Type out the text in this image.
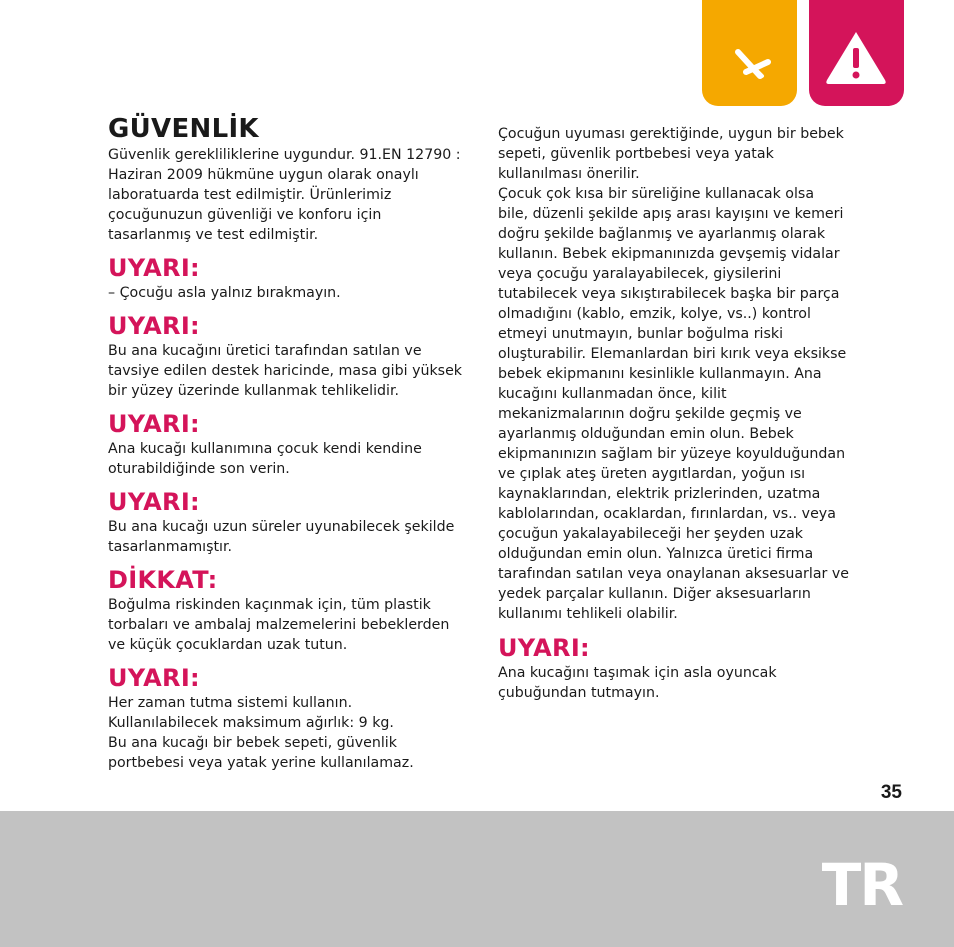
GÜVENLİK

Güvenlik gerekliliklerine uygundur. 91.EN 12790 :
Haziran 2009 hükmüne uygun olarak onaylı
laboratuarda test edilmiştir. Ürünlerimiz
çocuğunuzun güvenliği ve konforu için
tasarlanmış ve test edilmiştir.

UYARI:

– Çocuğu asla yalnız bırakmayın.

UYARI:

Bu ana kucağını üretici tarafından satılan ve
tavsiye edilen destek haricinde, masa gibi yüksek
bir yüzey üzerinde kullanmak tehlikelidir.

UYARI:

Ana kucağı kullanımına çocuk kendi kendine
oturabildiğinde son verin.

UYARI:

Bu ana kucağı uzun süreler uyunabilecek şekilde
tasarlanmamıştır.

DİKKAT:

Boğulma riskinden kaçınmak için, tüm plastik
torbaları ve ambalaj malzemelerini bebeklerden
ve küçük çocuklardan uzak tutun.

UYARI:

Her zaman tutma sistemi kullanın.
Kullanılabilecek maksimum ağırlık: 9 kg.
Bu ana kucağı bir bebek sepeti, güvenlik
portbebesi veya yatak yerine kullanılamaz.

Çocuğun uyuması gerektiğinde, uygun bir bebek
sepeti, güvenlik portbebesi veya yatak
kullanılması önerilir.

Çocuk çok kısa bir süreliğine kullanacak olsa
bile, düzenli şekilde apış arası kayışını ve kemeri
doğru şekilde bağlanmış ve ayarlanmış olarak
kullanın. Bebek ekipmanınızda gevşemiş vidalar
veya çocuğu yaralayabilecek, giysilerini
tutabilecek veya sıkıştırabilecek başka bir parça
olmadığını (kablo, emzik, kolye, vs..) kontrol
etmeyi unutmayın, bunlar boğulma riski
oluşturabilir. Elemanlardan biri kırık veya eksikse
bebek ekipmanını kesinlikle kullanmayın. Ana
kucağını kullanmadan önce, kilit
mekanizmalarının doğru şekilde geçmiş ve
ayarlanmış olduğundan emin olun. Bebek
ekipmanınızın sağlam bir yüzeye koyulduğundan
ve çıplak ateş üreten aygıtlardan, yoğun ısı
kaynaklarından, elektrik prizlerinden, uzatma
kablolarından, ocaklardan, fırınlardan, vs.. veya
çocuğun yakalayabileceği her şeyden uzak
olduğundan emin olun. Yalnızca üretici firma
tarafından satılan veya onaylanan aksesuarlar ve
yedek parçalar kullanın. Diğer aksesuarların
kullanımı tehlikeli olabilir.

UYARI:

Ana kucağını taşımak için asla oyuncak
çubuğundan tutmayın.

35
TR
